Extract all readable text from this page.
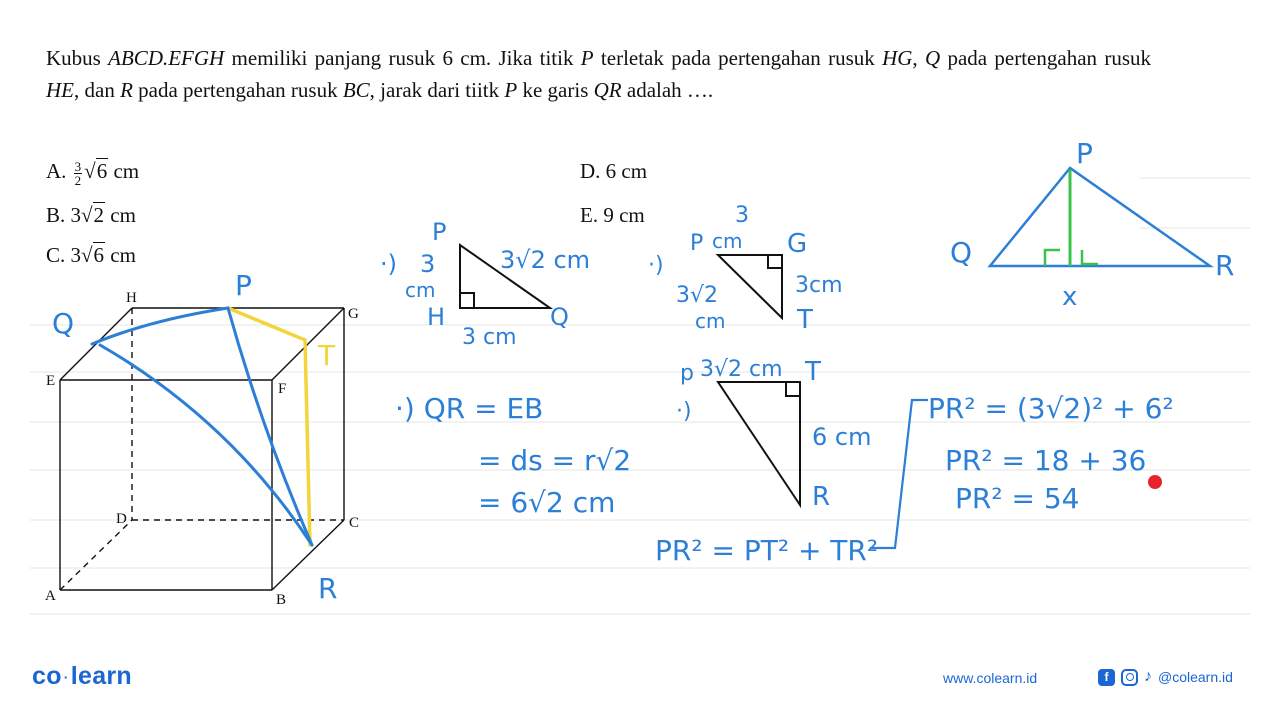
Kubus ABCD.EFGH memiliki panjang rusuk 6 cm. Jika titik P terletak pada pertengahan rusuk HG, Q pada pertengahan rusuk HE, dan R pada pertengahan rusuk BC, jarak dari tiitk P ke garis QR adalah ….
A. $\frac{3}{2} √6$ cm
B. 3√2 cm
C. 3√6 cm
D. 6 cm
E. 9 cm
H
G
E	F
D	C
A	B
P
Q
R
T
·) 3
cm
P
3√2 cm
H	Q
3 cm
·)
P
3
cm G
3√2
cm
3cm
T
·) QR = EB
= ds = r√2
= 6√2 cm
p 3√2 cm T
·)
6 cm
R
PR² = PT² + TR²
PR² = (3√2)² + 6²
PR² = 18 + 36
PR² = 54
P
Q	R
x
co ·learn	www.colearn.id	f	♪ @colearn.id
